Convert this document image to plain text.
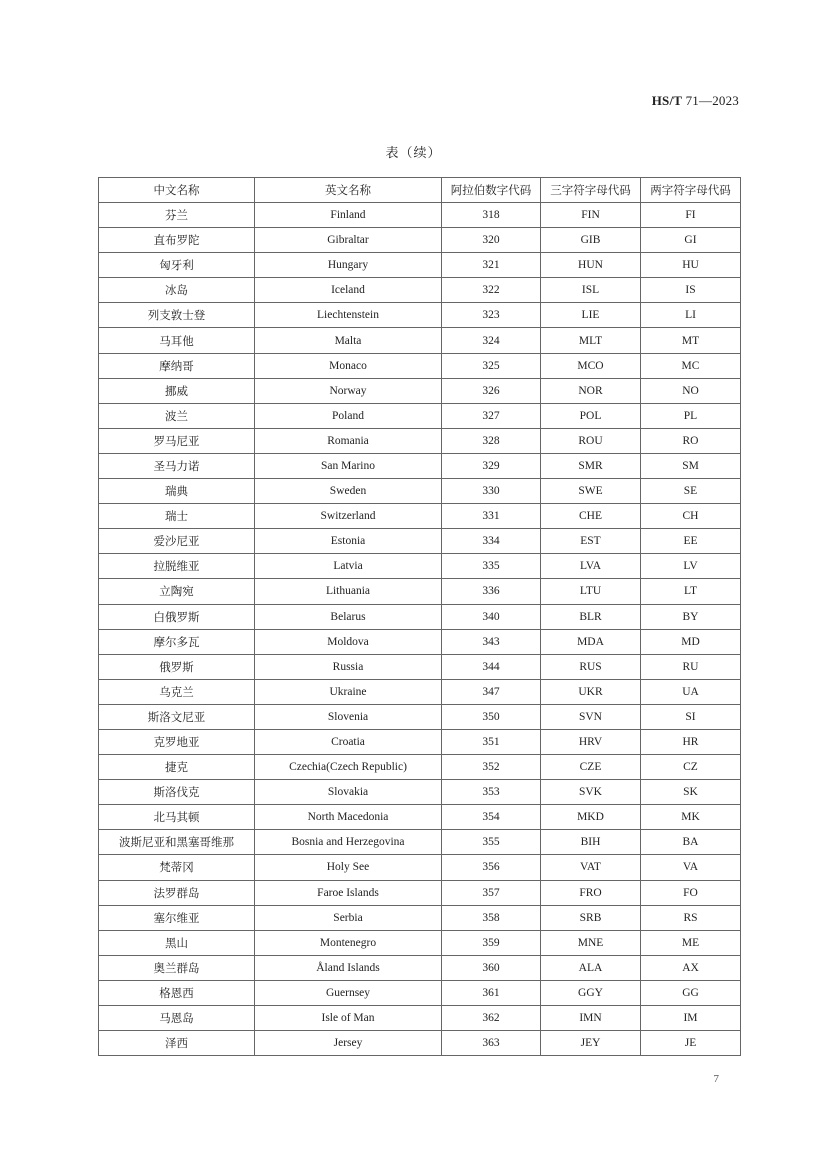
HS/T 71—2023
表（续）
中文名称	英文名称	阿拉伯数字代码	三字符字母代码	两字符字母代码
芬兰	Finland	318	FIN	FI
直布罗陀	Gibraltar	320	GIB	GI
匈牙利	Hungary	321	HUN	HU
冰岛	Iceland	322	ISL	IS
列支敦士登	Liechtenstein	323	LIE	LI
马耳他	Malta	324	MLT	MT
摩纳哥	Monaco	325	MCO	MC
挪威	Norway	326	NOR	NO
波兰	Poland	327	POL	PL
罗马尼亚	Romania	328	ROU	RO
圣马力诺	San Marino	329	SMR	SM
瑞典	Sweden	330	SWE	SE
瑞士	Switzerland	331	CHE	CH
爱沙尼亚	Estonia	334	EST	EE
拉脱维亚	Latvia	335	LVA	LV
立陶宛	Lithuania	336	LTU	LT
白俄罗斯	Belarus	340	BLR	BY
摩尔多瓦	Moldova	343	MDA	MD
俄罗斯	Russia	344	RUS	RU
乌克兰	Ukraine	347	UKR	UA
斯洛文尼亚	Slovenia	350	SVN	SI
克罗地亚	Croatia	351	HRV	HR
捷克	Czechia(Czech Republic)	352	CZE	CZ
斯洛伐克	Slovakia	353	SVK	SK
北马其顿	North Macedonia	354	MKD	MK
波斯尼亚和黑塞哥维那	Bosnia and Herzegovina	355	BIH	BA
梵蒂冈	Holy See	356	VAT	VA
法罗群岛	Faroe Islands	357	FRO	FO
塞尔维亚	Serbia	358	SRB	RS
黑山	Montenegro	359	MNE	ME
奥兰群岛	Åland Islands	360	ALA	AX
格恩西	Guernsey	361	GGY	GG
马恩岛	Isle of Man	362	IMN	IM
泽西	Jersey	363	JEY	JE
7
